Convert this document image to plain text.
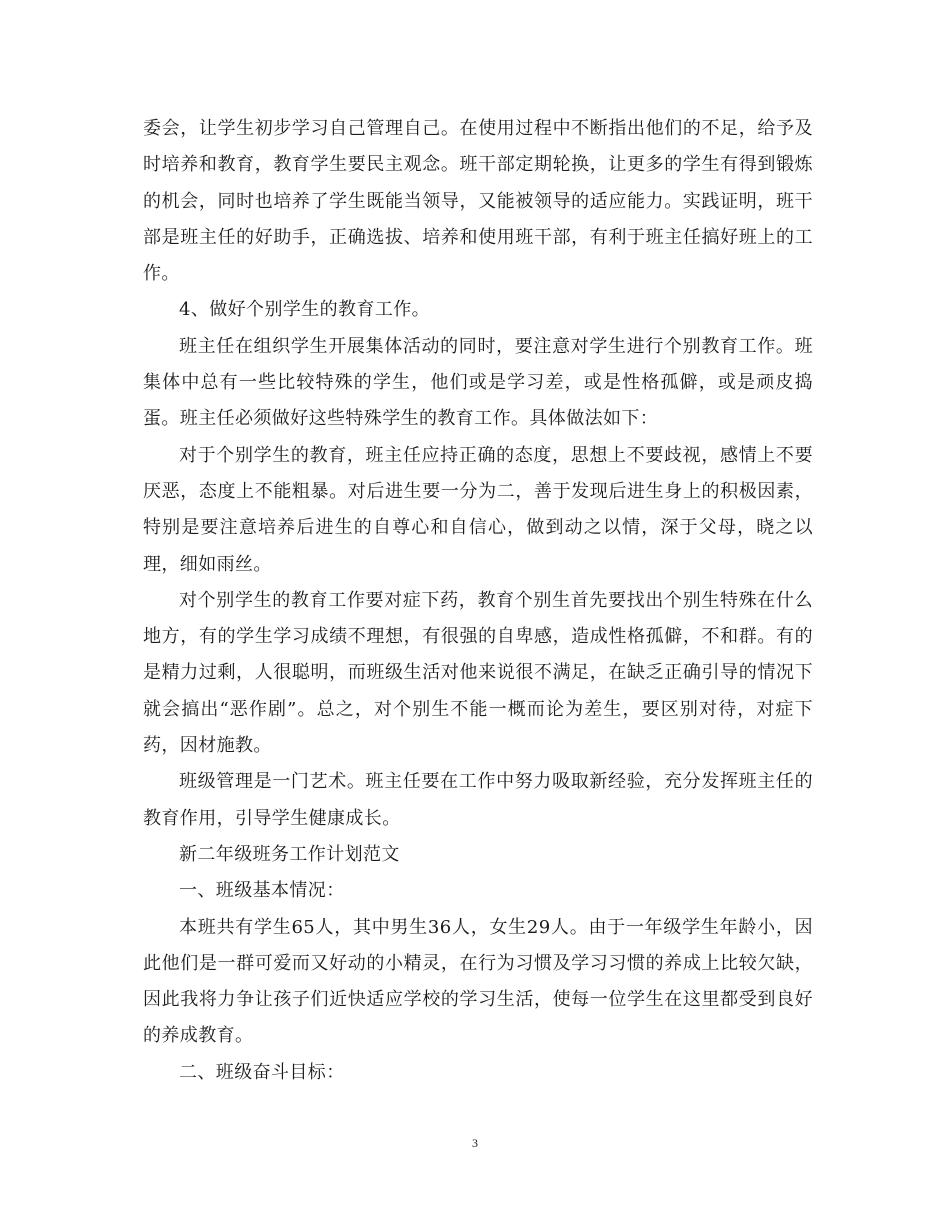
委会，让学生初步学习自己管理自己。在使用过程中不断指出他们的不足，给予及时培养和教育，教育学生要民主观念。班干部定期轮换，让更多的学生有得到锻炼的机会，同时也培养了学生既能当领导，又能被领导的适应能力。实践证明，班干部是班主任的好助手，正确选拔、培养和使用班干部，有利于班主任搞好班上的工作。

4、做好个别学生的教育工作。

班主任在组织学生开展集体活动的同时，要注意对学生进行个别教育工作。班集体中总有一些比较特殊的学生，他们或是学习差，或是性格孤僻，或是顽皮捣蛋。班主任必须做好这些特殊学生的教育工作。具体做法如下：

对于个别学生的教育，班主任应持正确的态度，思想上不要歧视，感情上不要厌恶，态度上不能粗暴。对后进生要一分为二，善于发现后进生身上的积极因素，特别是要注意培养后进生的自尊心和自信心，做到动之以情，深于父母，晓之以理，细如雨丝。

对个别学生的教育工作要对症下药，教育个别生首先要找出个别生特殊在什么地方，有的学生学习成绩不理想，有很强的自卑感，造成性格孤僻，不和群。有的是精力过剩，人很聪明，而班级生活对他来说很不满足，在缺乏正确引导的情况下就会搞出“恶作剧”。总之，对个别生不能一概而论为差生，要区别对待，对症下药，因材施教。

班级管理是一门艺术。班主任要在工作中努力吸取新经验，充分发挥班主任的教育作用，引导学生健康成长。

新二年级班务工作计划范文

一、班级基本情况：

本班共有学生65人，其中男生36人，女生29人。由于一年级学生年龄小，因此他们是一群可爱而又好动的小精灵，在行为习惯及学习习惯的养成上比较欠缺，因此我将力争让孩子们近快适应学校的学习生活，使每一位学生在这里都受到良好的养成教育。

二、班级奋斗目标：

3
